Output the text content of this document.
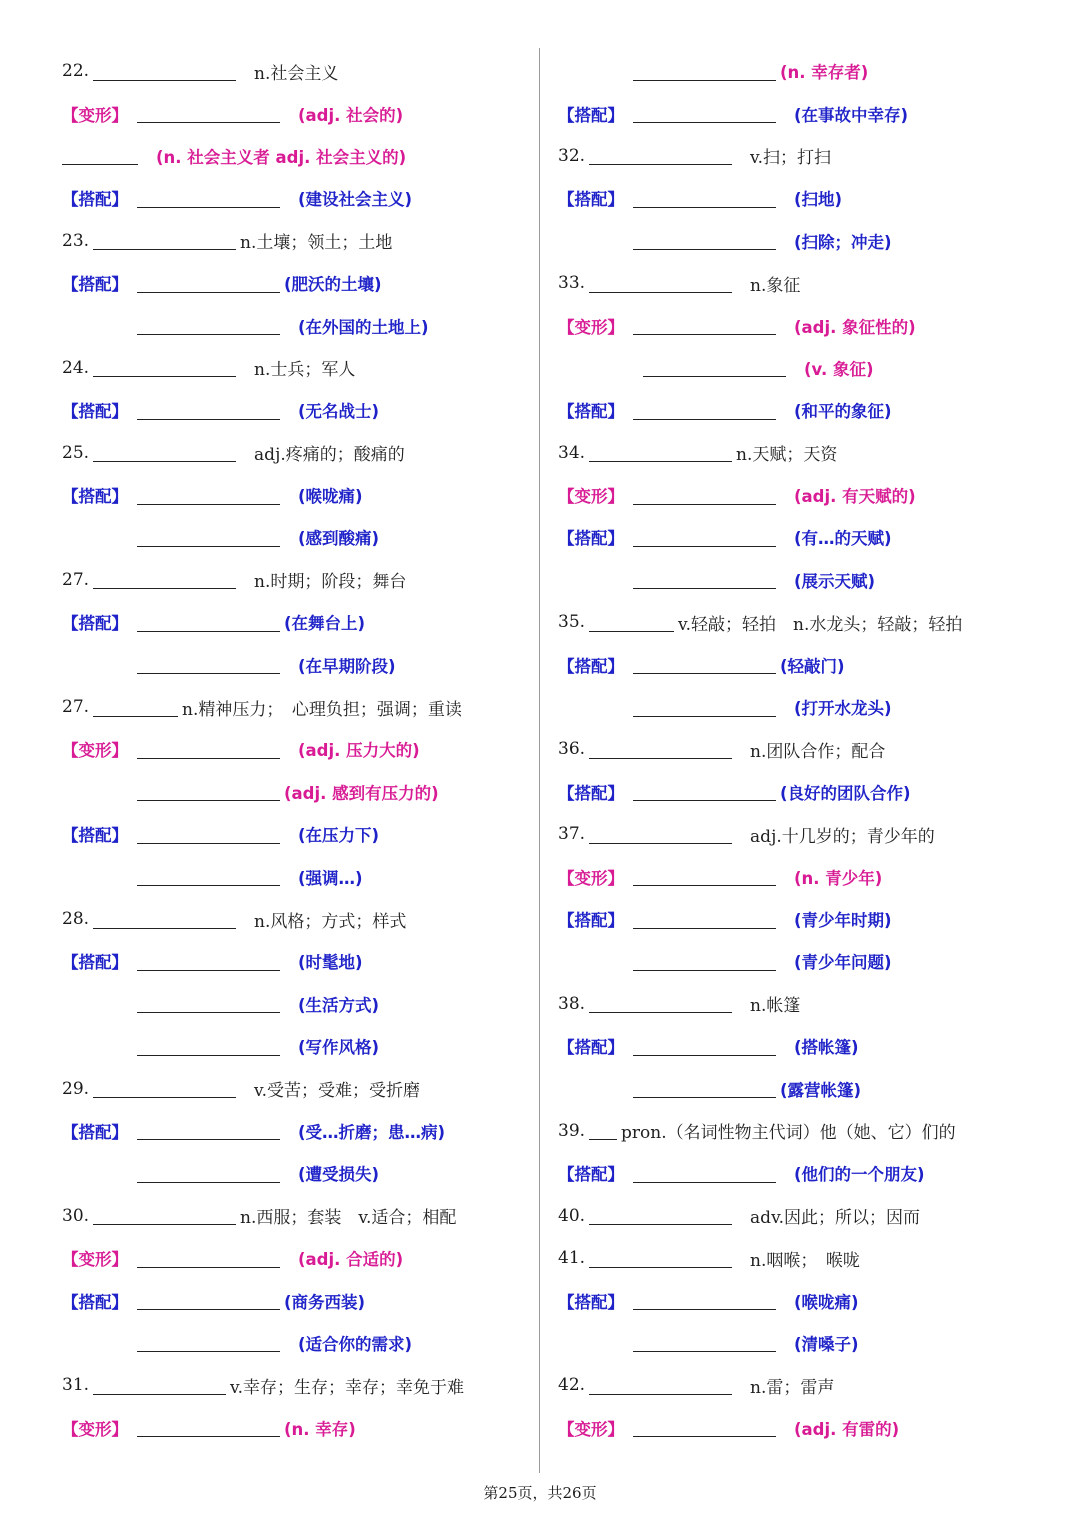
22.	n.社会主义
【变形】	(adj. 社会的)
(n. 社会主义者 adj. 社会主义的)
【搭配】	(建设社会主义)
23.	n.土壤；领土；土地
【搭配】	(肥沃的土壤)
(在外国的土地上)
24.	n.士兵；军人
【搭配】	(无名战士)
25.	adj.疼痛的；酸痛的
【搭配】	(喉咙痛)
(感到酸痛)
27.	n.时期；阶段；舞台
【搭配】	(在舞台上)
(在早期阶段)
27.	n.精神压力；　心理负担；强调；重读
【变形】	(adj. 压力大的)
(adj. 感到有压力的)
【搭配】	(在压力下)
(强调…)
28.	n.风格；方式；样式
【搭配】	(时髦地)
(生活方式)
(写作风格)
29.	v.受苦；受难；受折磨
【搭配】	(受…折磨；患…病)
(遭受损失)
30.	n.西服；套装　v.适合；相配
【变形】	(adj. 合适的)
【搭配】	(商务西装)
(适合你的需求)
31.	v.幸存；生存；幸存；幸免于难
【变形】	(n. 幸存)
(n. 幸存者)
【搭配】	(在事故中幸存)
32.	v.扫；打扫
【搭配】	(扫地)
(扫除；冲走)
33.	n.象征
【变形】	(adj. 象征性的)
(v. 象征)
【搭配】	(和平的象征)
34.	n.天赋；天资
【变形】	(adj. 有天赋的)
【搭配】	(有…的天赋)
(展示天赋)
35.	v.轻敲；轻拍　n.水龙头；轻敲；轻拍
【搭配】	(轻敲门)
(打开水龙头)
36.	n.团队合作；配合
【搭配】	(良好的团队合作)
37.	adj.十几岁的；青少年的
【变形】	(n. 青少年)
【搭配】	(青少年时期)
(青少年问题)
38.	n.帐篷
【搭配】	(搭帐篷)
(露营帐篷)
39. pron.（名词性物主代词）他（她、它）们的
【搭配】	(他们的一个朋友)
40.	adv.因此；所以；因而
41.	n.咽喉；　喉咙
【搭配】	(喉咙痛)
(清嗓子)
42.	n.雷；雷声
【变形】	(adj. 有雷的)
第25页，共26页
